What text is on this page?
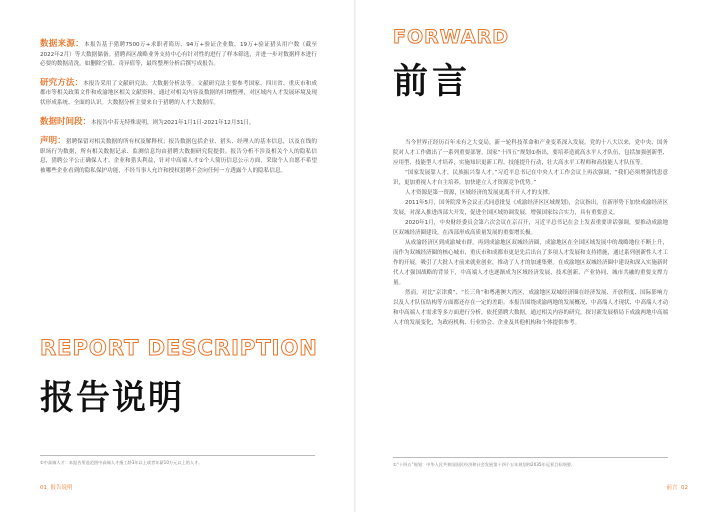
数据来源：本报告基于猎聘7500万+求职者简历、94万+验证企业数、19万+验证猎头用户数（截至2022年2月）等大数据储备。猎聘西区战略业务支持中心有针对性的进行了样本筛选，并进一步对数据样本进行必要的数据清洗，如删除空值、奇异值等，最终整理分析后撰写成报告。

研究方法：本报告采用了文献研究法、大数据分析法等。文献研究法主要参考国家、四川省、重庆市和成都市等相关政策文件和成渝地区相关文献资料，通过对相关内容及数据的归纳整理，对区域内人才发展环境及现状形成系统、全面的认识。大数据分析主要来自于猎聘的人才大数据库。

数据时间段：本报告中若无特殊说明，则为2021年1月1日-2021年12月31日。

声明：猎聘保留对相关数据的所有权及解释权；报告数据包括企业、猎头、经理人的基本信息，以及在线的职场行为数据，所有相关数据记录、监测信息均由猎聘大数据研究院提供。报告分析不涉及相关个人的隐私信息，猎聘公平公正确保人才、企业和猎头利益，针对中高端人才①个人简历信息公示方面，采取个人自愿不希望被哪些企业看到的隐私保护功能，不经当事人允许和授权猎聘不会向任何一方透露个人的隐私信息。

REPORT DESCRIPTION
报告说明

①中高端人才：本报告所选范围中高端人才指工龄3年以上或者年薪10万元以上的人才。

01 报告说明
FORWARD
前言

当今世界正经历百年未有之大变局，新一轮科技革命和产业变革深入发展。党的十八大以来，党中央、国务院对人才工作做出了一系列重要部署，国家“十四五”规划①指出，要培养造就高水平人才队伍，包括加强创新型、应用型、技能型人才培养，实施知识更新工程、技能提升行动，壮大高水平工程师和高技能人才队伍等。

“国家发展靠人才，民族振兴靠人才。”习近平总书记在中央人才工作会议上再次强调，“我们必须增强忧患意识，更加重视人才自主培养，加快建立人才资源竞争优势。”

人才资源是第一资源，区域经济的发展更离不开人才的支撑。

2011年5月，国务院常务会议正式同意批复《成渝经济区区域规划》，会议指出，在新形势下加快成渝经济区发展，对深入推进西部大开发，促进全国区域协调发展，增强国家综合实力，具有重要意义。

2020年1月，中央财经委员会第六次会议在京召开，习近平总书记在会上发表重要讲话强调，要推动成渝地区双城经济圈建设，在西部形成高质量发展的重要增长极。

从成渝经济区到成渝城市群，再到成渝地区双城经济圈，成渝地区在全国区域发展中的战略地位不断上升，而作为双城经济圈的核心城市，重庆市和成都市更是先后出台了多项人才发展和支持措施，通过系列创新性人才工作的开展，吸引了大批人才前来就业创业，推动了人才的加速集聚。在成渝地区双城经济圈中建设和深入实施新时代人才强国战略的背景下，中高端人才也逐渐成为区域经济发展、技术创新、产业协同、城市共融的重要支撑力量。

然而，对比“京津冀”、“长三角”和粤港澳大湾区，成渝地区双城经济圈在经济发展、开放程度、国际影响力以及人才队伍结构等方面都还存在一定的差距。本报告围绕成渝两地的发展概况、中高端人才现状、中高端人才动和中高端人才需求等多方面进行分析，依托猎聘大数据，通过相关内容的研究，探讨新发展格局下成渝两地中高端人才的发展变化，为政府机构、行业协会、企业及其他机构和个体提供参考。

①“十四五”规划：中华人民共和国国民经济和社会发展第十四个五年规划和2035年远景目标纲要。

前言 02
